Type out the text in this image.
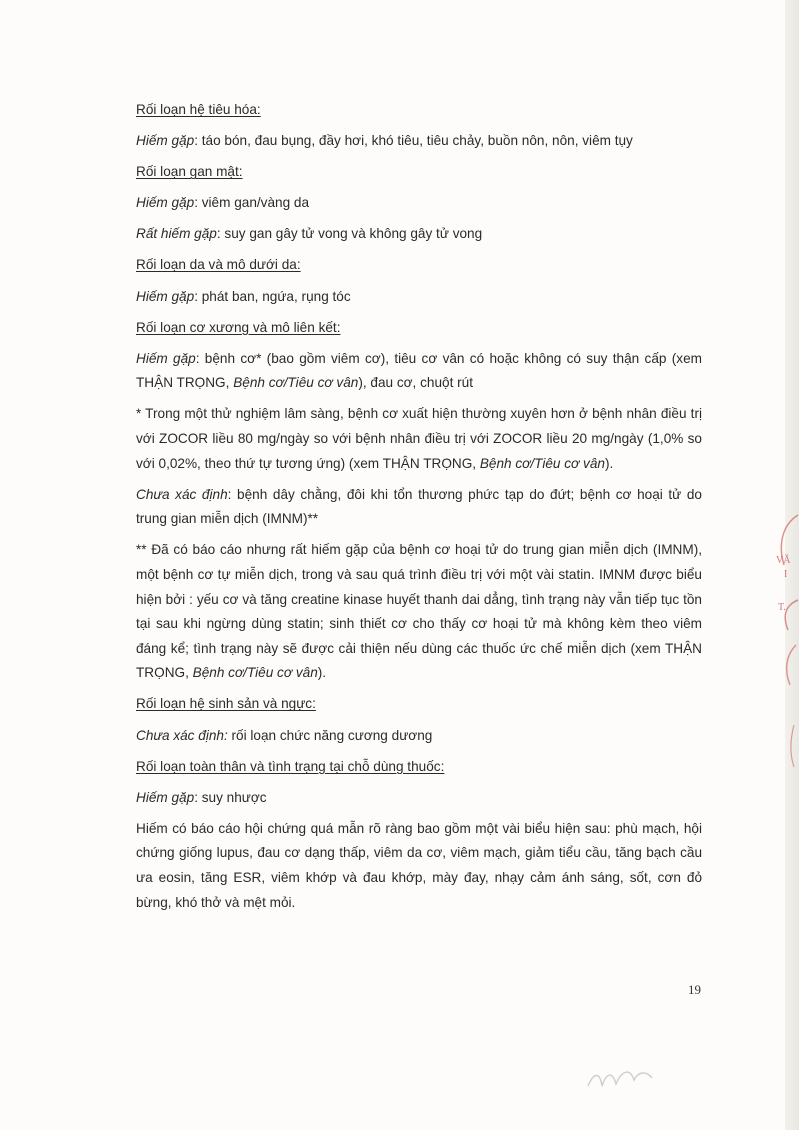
Rối loạn hệ tiêu hóa:

Hiếm gặp: táo bón, đau bụng, đầy hơi, khó tiêu, tiêu chảy, buồn nôn, nôn, viêm tụy

Rối loạn gan mật:

Hiếm gặp: viêm gan/vàng da

Rất hiếm gặp: suy gan gây tử vong và không gây tử vong

Rối loạn da và mô dưới da:

Hiếm gặp: phát ban, ngứa, rụng tóc

Rối loạn cơ xương và mô liên kết:

Hiếm gặp: bệnh cơ* (bao gồm viêm cơ), tiêu cơ vân có hoặc không có suy thận cấp (xem THẬN TRỌNG, Bệnh cơ/Tiêu cơ vân), đau cơ, chuột rút

* Trong một thử nghiệm lâm sàng, bệnh cơ xuất hiện thường xuyên hơn ở bệnh nhân điều trị với ZOCOR liều 80 mg/ngày so với bệnh nhân điều trị với ZOCOR liều 20 mg/ngày (1,0% so với 0,02%, theo thứ tự tương ứng) (xem THẬN TRỌNG, Bệnh cơ/Tiêu cơ vân).

Chưa xác định: bệnh dây chằng, đôi khi tổn thương phức tạp do đứt; bệnh cơ hoại tử do trung gian miễn dịch (IMNM)**

** Đã có báo cáo nhưng rất hiếm gặp của bệnh cơ hoại tử do trung gian miễn dịch (IMNM), một bệnh cơ tự miễn dịch, trong và sau quá trình điều trị với một vài statin. IMNM được biểu hiện bởi : yếu cơ và tăng creatine kinase huyết thanh dai dẳng, tình trạng này vẫn tiếp tục tồn tại sau khi ngừng dùng statin; sinh thiết cơ cho thấy cơ hoại tử mà không kèm theo viêm đáng kể; tình trạng này sẽ được cải thiện nếu dùng các thuốc ức chế miễn dịch (xem THẬN TRỌNG, Bệnh cơ/Tiêu cơ vân).

Rối loạn hệ sinh sản và ngực:

Chưa xác định: rối loạn chức năng cương dương

Rối loạn toàn thân và tình trạng tại chỗ dùng thuốc:

Hiếm gặp: suy nhược

Hiếm có báo cáo hội chứng quá mẫn rõ ràng bao gồm một vài biểu hiện sau: phù mạch, hội chứng giống lupus, đau cơ dạng thấp, viêm da cơ, viêm mạch, giảm tiểu cầu, tăng bạch cầu ưa eosin, tăng ESR, viêm khớp và đau khớp, mày đay, nhạy cảm ánh sáng, sốt, cơn đỏ bừng, khó thở và mệt mỏi.

19
VĂ
I
T.
